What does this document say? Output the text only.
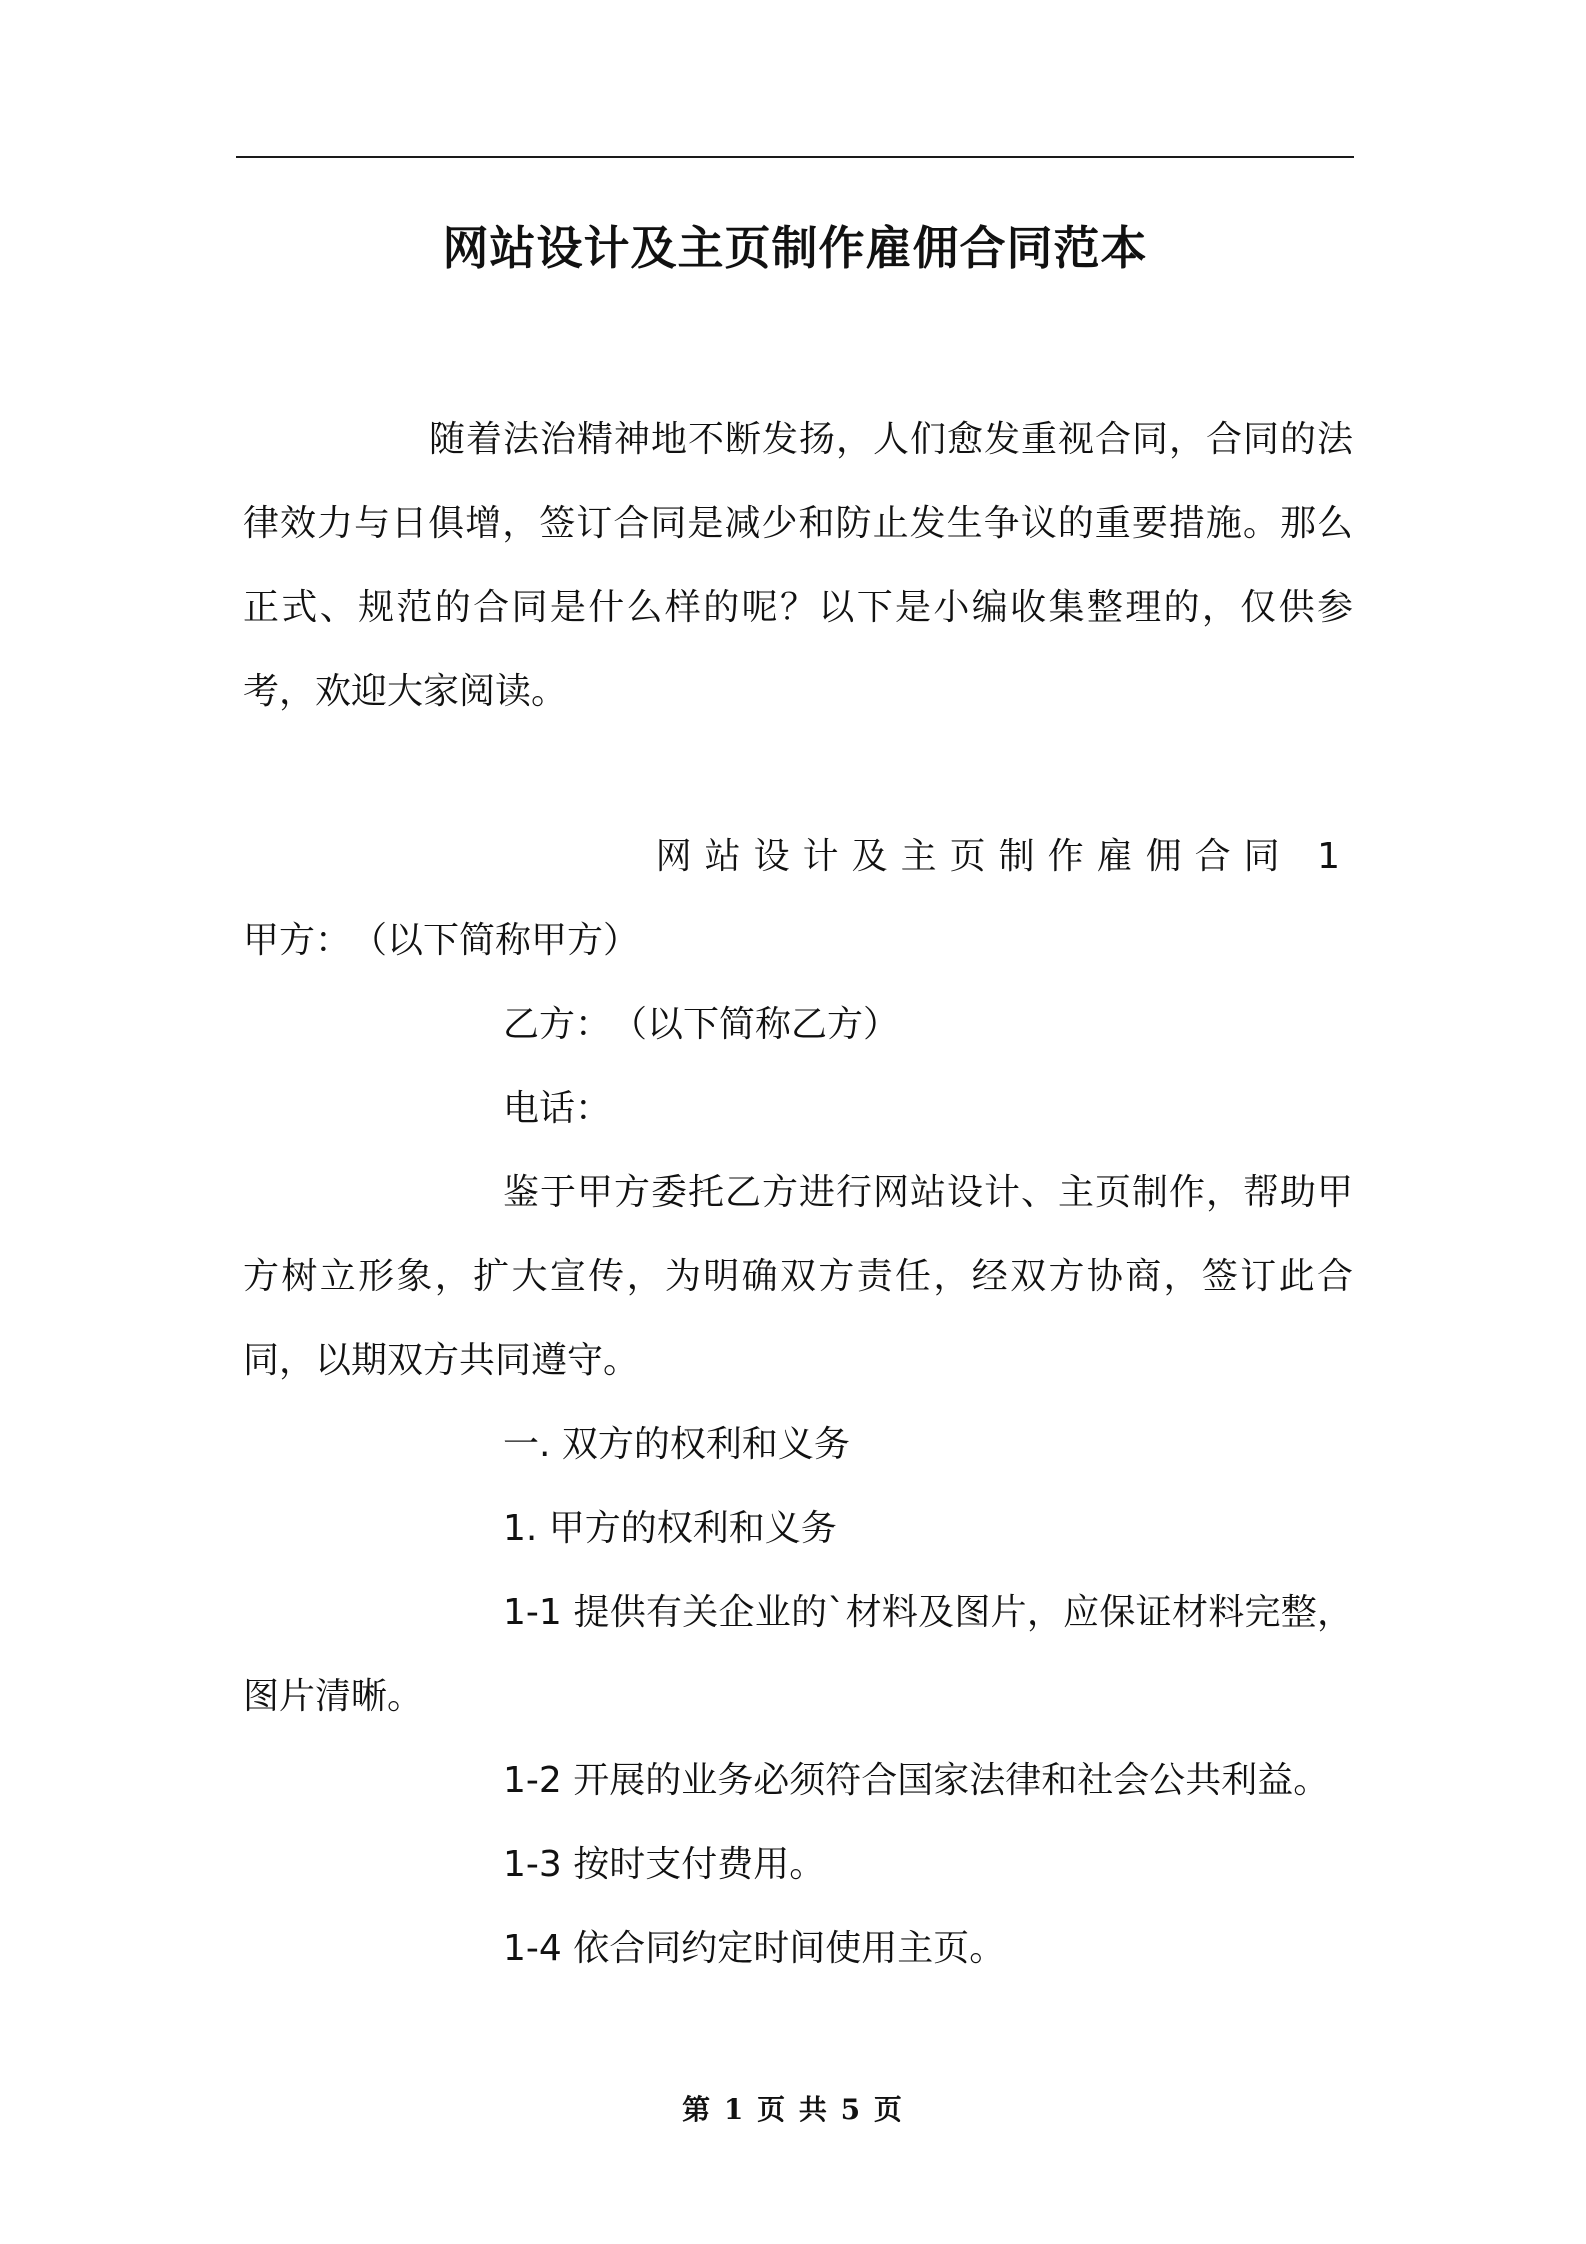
网站设计及主页制作雇佣合同范本
随着法治精神地不断发扬，人们愈发重视合同，合同的法律效力与日俱增，签订合同是减少和防止发生争议的重要措施。那么正式、规范的合同是什么样的呢？以下是小编收集整理的，仅供参考，欢迎大家阅读。
网站设计及主页制作雇佣合同 1
甲方：　（以下简称甲方）
乙方：　（以下简称乙方）
电话：
鉴于甲方委托乙方进行网站设计、主页制作，帮助甲方树立形象，扩大宣传，为明确双方责任，经双方协商，签订此合同，以期双方共同遵守。
一. 双方的权利和义务
1. 甲方的权利和义务
1-1 提供有关企业的`材料及图片，应保证材料完整，图片清晰。
1-2 开展的业务必须符合国家法律和社会公共利益。
1-3 按时支付费用。
1-4 依合同约定时间使用主页。
第 1 页 共 5 页
